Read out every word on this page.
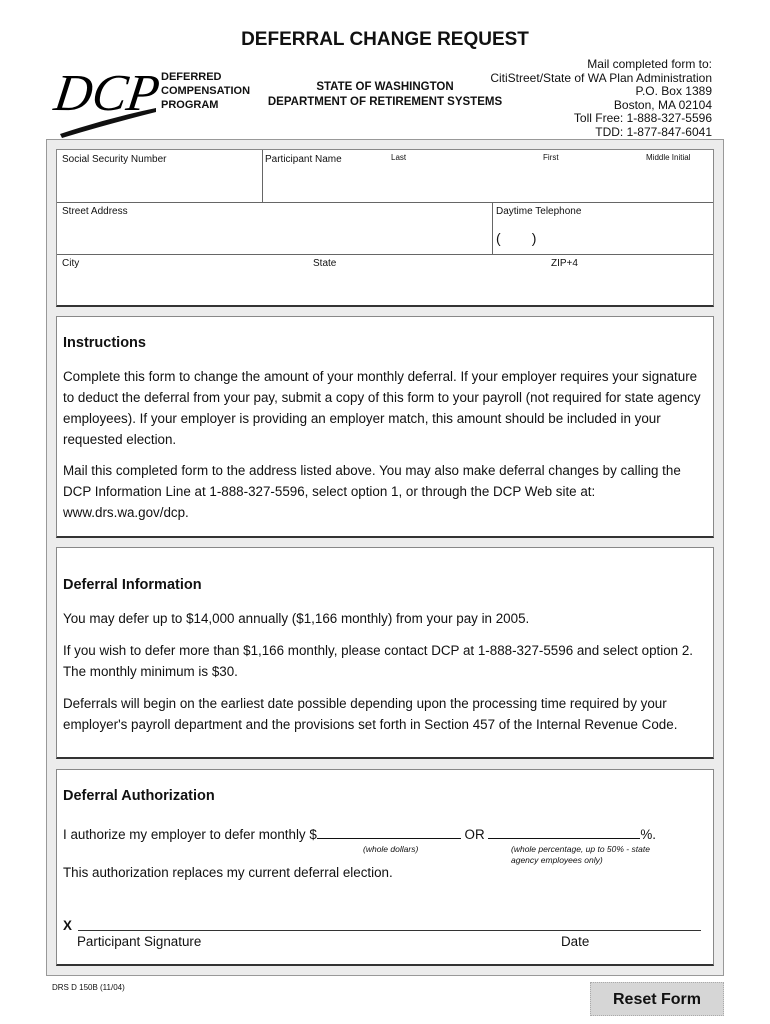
DEFERRAL CHANGE REQUEST
DCP
DEFERRED
COMPENSATION
PROGRAM
STATE OF WASHINGTON
DEPARTMENT OF RETIREMENT SYSTEMS
Mail completed form to:
CitiStreet/State of WA Plan Administration
P.O. Box 1389
Boston, MA 02104
Toll Free: 1-888-327-5596
TDD: 1-877-847-6041
Social Security Number	Participant Name	Last	First	Middle Initial
Street Address	Daytime Telephone
(        )
City	State	ZIP+4
Instructions
Complete this form to change the amount of your monthly deferral. If your employer requires your signature to deduct the deferral from your pay, submit a copy of this form to your payroll (not required for state agency employees). If your employer is providing an employer match, this amount should be included in your requested election.
Mail this completed form to the address listed above. You may also make deferral changes by calling the DCP Information Line at 1-888-327-5596, select option 1, or through the DCP Web site at: www.drs.wa.gov/dcp.
Deferral Information
You may defer up to $14,000 annually ($1,166 monthly) from your pay in 2005.
If you wish to defer more than $1,166 monthly, please contact DCP at 1-888-327-5596 and select option 2. The monthly minimum is $30.
Deferrals will begin on the earliest date possible depending upon the processing time required by your employer's payroll department and the provisions set forth in Section 457 of the Internal Revenue Code.
Deferral Authorization
I authorize my employer to defer monthly $	OR	%.
(whole dollars)	(whole percentage, up to 50% - state agency employees only)
This authorization replaces my current deferral election.
X
Participant Signature	Date
DRS D 150B (11/04)
Reset Form
